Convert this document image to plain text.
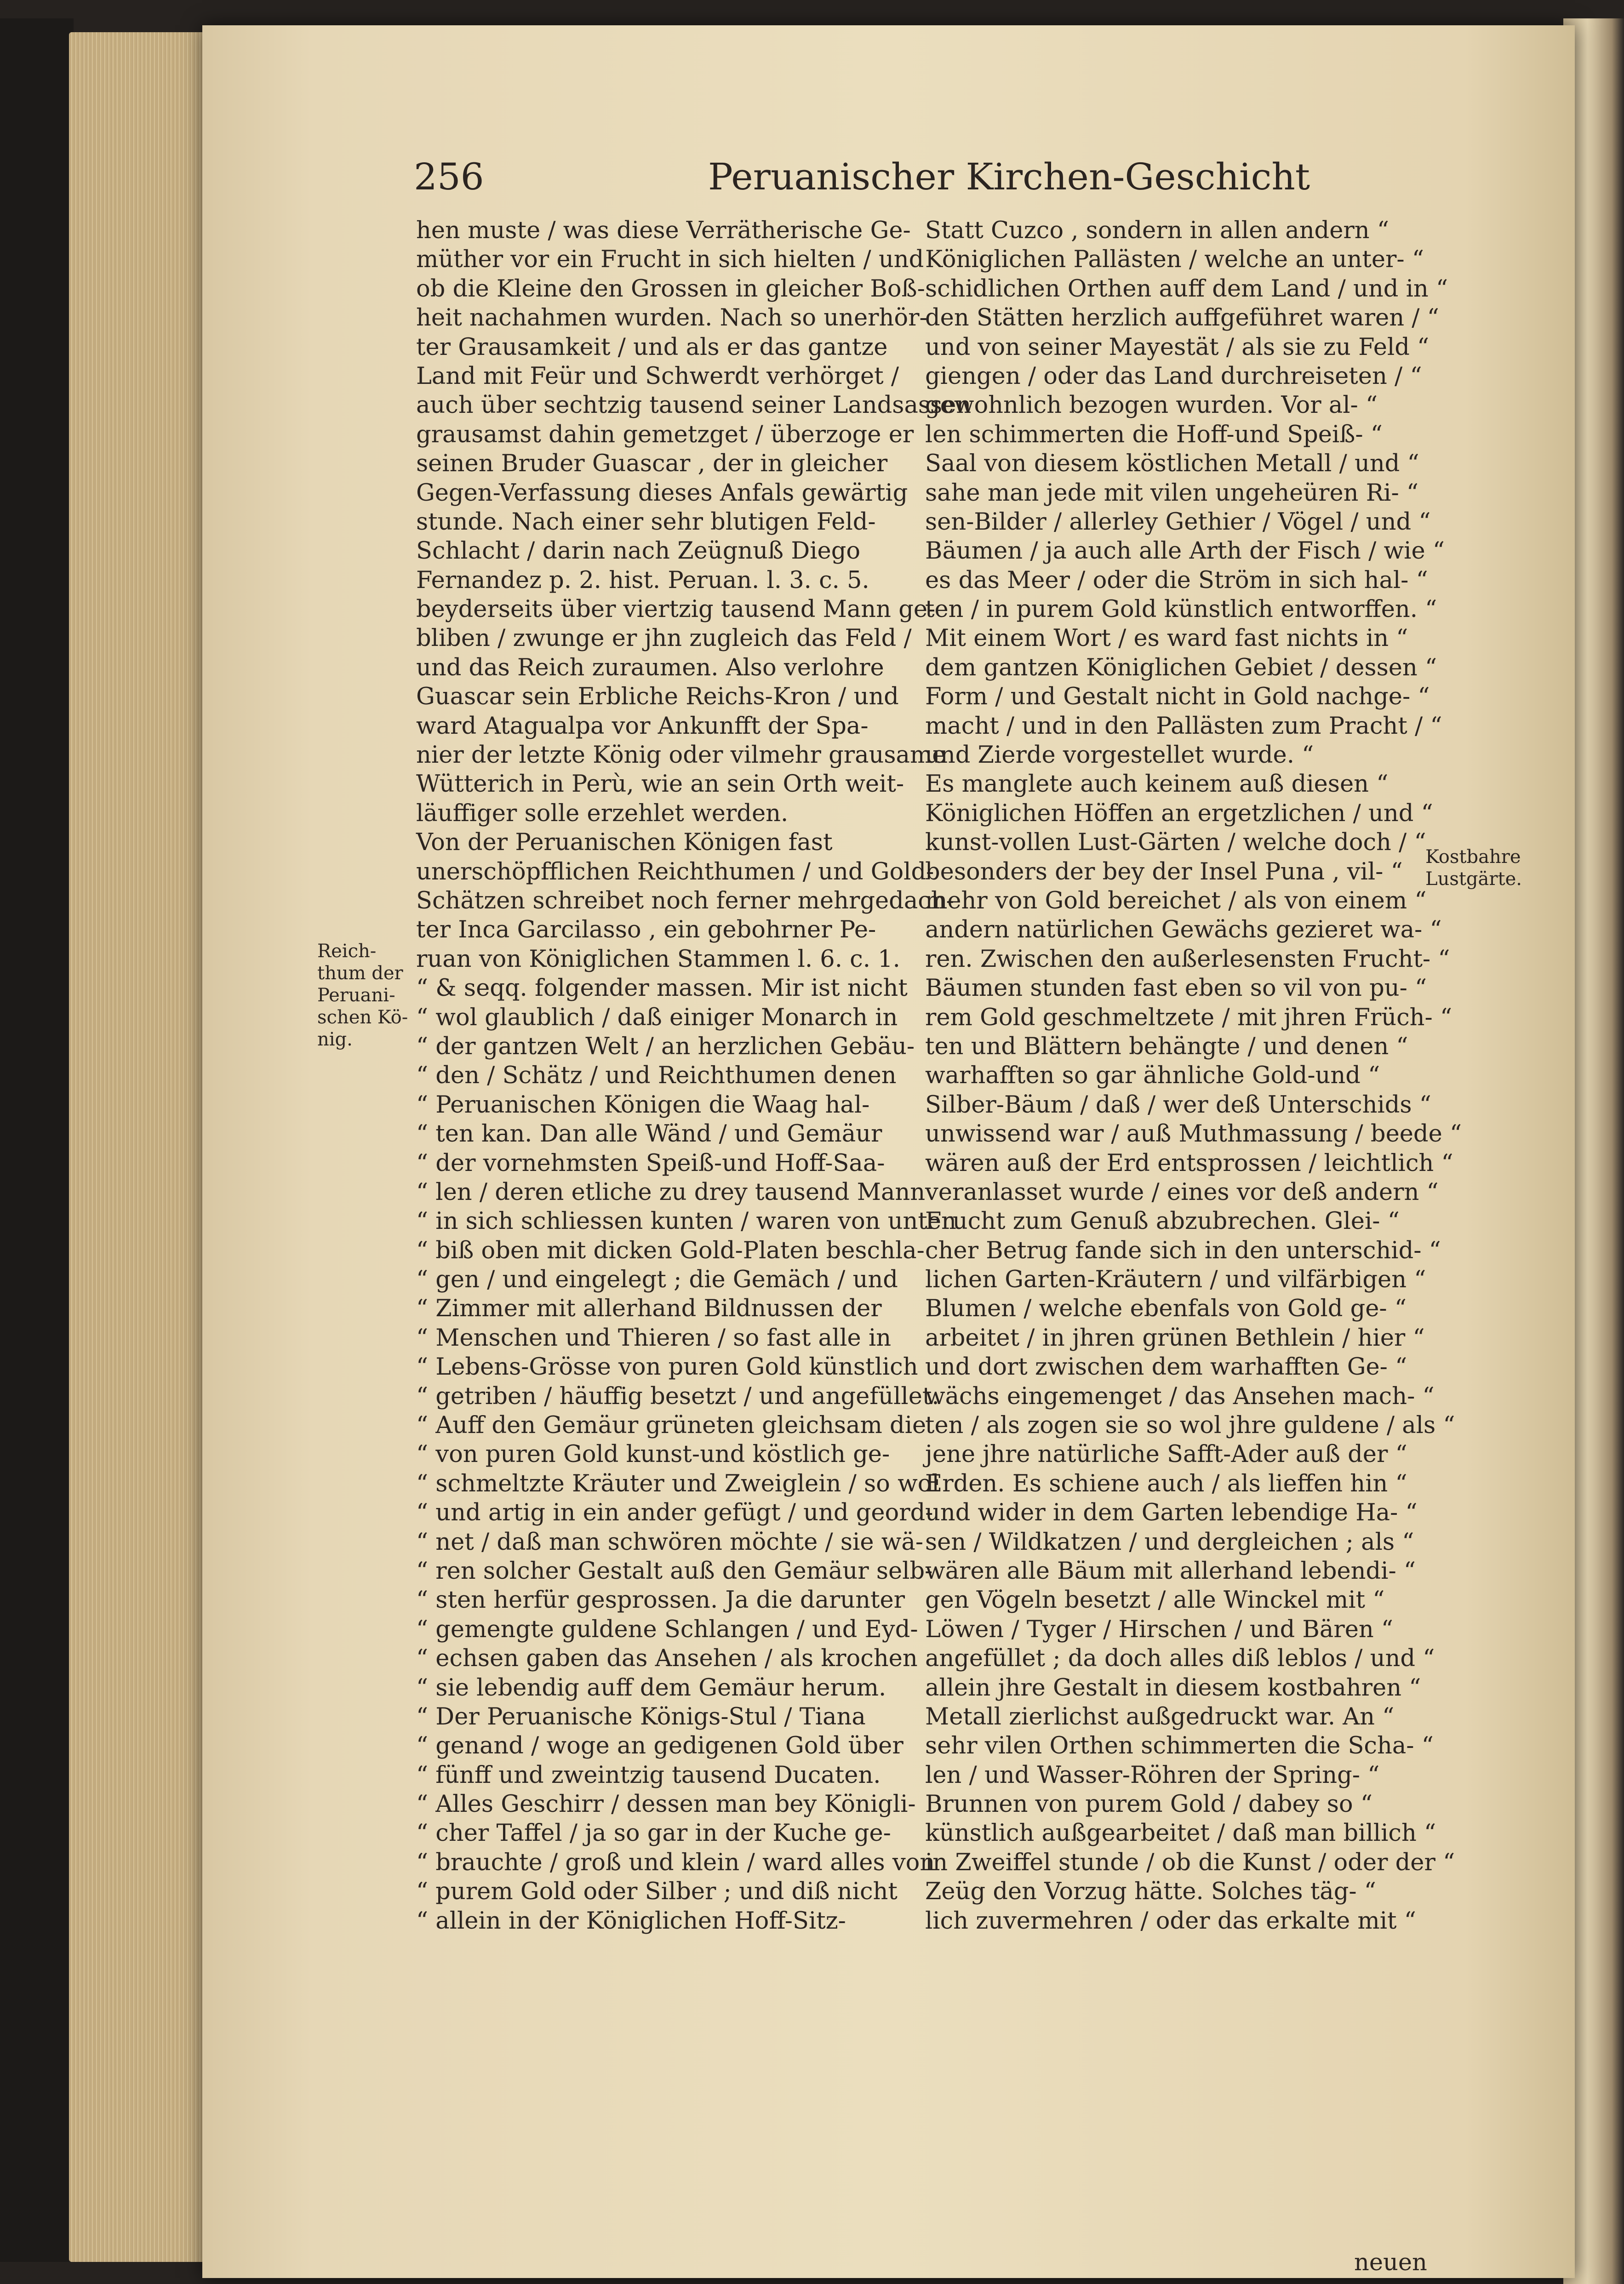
256	Peruanischer Kirchen-Geschicht
hen muste / was diese Verrätherische Ge-
müther vor ein Frucht in sich hielten / und
ob die Kleine den Grossen in gleicher Boß-
heit nachahmen wurden. Nach so unerhör-
ter Grausamkeit / und als er das gantze
Land mit Feür und Schwerdt verhörget /
auch über sechtzig tausend seiner Landsassen
grausamst dahin gemetzget / überzoge er
seinen Bruder Guascar , der in gleicher
Gegen-Verfassung dieses Anfals gewärtig
stunde. Nach einer sehr blutigen Feld-
Schlacht / darin nach Zeügnuß Diego
Fernandez p. 2. hist. Peruan. l. 3. c. 5.
beyderseits über viertzig tausend Mann ge-
bliben / zwunge er jhn zugleich das Feld /
und das Reich zuraumen. Also verlohre
Guascar sein Erbliche Reichs-Kron / und
ward Atagualpa vor Ankunfft der Spa-
nier der letzte König oder vilmehr grausame
Wütterich in Perù, wie an sein Orth weit-
läuffiger solle erzehlet werden.
Von der Peruanischen Königen fast
unerschöpfflichen Reichthumen / und Gold-
Schätzen schreibet noch ferner mehrgedach-
ter Inca Garcilasso , ein gebohrner Pe-
ruan von Königlichen Stammen l. 6. c. 1.
“ & seqq. folgender massen. Mir ist nicht
“ wol glaublich / daß einiger Monarch in
“ der gantzen Welt / an herzlichen Gebäu-
“ den / Schätz / und Reichthumen denen
“ Peruanischen Königen die Waag hal-
“ ten kan. Dan alle Wänd / und Gemäur
“ der vornehmsten Speiß-und Hoff-Saa-
“ len / deren etliche zu drey tausend Mann
“ in sich schliessen kunten / waren von unten
“ biß oben mit dicken Gold-Platen beschla-
“ gen / und eingelegt ; die Gemäch / und
“ Zimmer mit allerhand Bildnussen der
“ Menschen und Thieren / so fast alle in
“ Lebens-Grösse von puren Gold künstlich
“ getriben / häuffig besetzt / und angefüllet.
“ Auff den Gemäur grüneten gleichsam die
“ von puren Gold kunst-und köstlich ge-
“ schmeltzte Kräuter und Zweiglein / so wol
“ und artig in ein ander gefügt / und geord-
“ net / daß man schwören möchte / sie wä-
“ ren solcher Gestalt auß den Gemäur selb-
“ sten herfür gesprossen. Ja die darunter
“ gemengte guldene Schlangen / und Eyd-
“ echsen gaben das Ansehen / als krochen
“ sie lebendig auff dem Gemäur herum.
“ Der Peruanische Königs-Stul / Tiana
“ genand / woge an gedigenen Gold über
“ fünff und zweintzig tausend Ducaten.
“ Alles Geschirr / dessen man bey Königli-
“ cher Taffel / ja so gar in der Kuche ge-
“ brauchte / groß und klein / ward alles von
“ purem Gold oder Silber ; und diß nicht
“ allein in der Königlichen Hoff-Sitz-
Statt Cuzco , sondern in allen andern “
Königlichen Pallästen / welche an unter- “
schidlichen Orthen auff dem Land / und in “
den Stätten herzlich auffgeführet waren / “
und von seiner Mayestät / als sie zu Feld “
giengen / oder das Land durchreiseten / “
gewohnlich bezogen wurden. Vor al- “
len schimmerten die Hoff-und Speiß- “
Saal von diesem köstlichen Metall / und “
sahe man jede mit vilen ungeheüren Ri- “
sen-Bilder / allerley Gethier / Vögel / und “
Bäumen / ja auch alle Arth der Fisch / wie “
es das Meer / oder die Ström in sich hal- “
ten / in purem Gold künstlich entworffen. “
Mit einem Wort / es ward fast nichts in “
dem gantzen Königlichen Gebiet / dessen “
Form / und Gestalt nicht in Gold nachge- “
macht / und in den Pallästen zum Pracht / “
und Zierde vorgestellet wurde. “
Es manglete auch keinem auß diesen “
Königlichen Höffen an ergetzlichen / und “
kunst-vollen Lust-Gärten / welche doch / “
besonders der bey der Insel Puna , vil- “
mehr von Gold bereichet / als von einem “
andern natürlichen Gewächs gezieret wa- “
ren. Zwischen den außerlesensten Frucht- “
Bäumen stunden fast eben so vil von pu- “
rem Gold geschmeltzete / mit jhren Früch- “
ten und Blättern behängte / und denen “
warhafften so gar ähnliche Gold-und “
Silber-Bäum / daß / wer deß Unterschids “
unwissend war / auß Muthmassung / beede “
wären auß der Erd entsprossen / leichtlich “
veranlasset wurde / eines vor deß andern “
Frucht zum Genuß abzubrechen. Glei- “
cher Betrug fande sich in den unterschid- “
lichen Garten-Kräutern / und vilfärbigen “
Blumen / welche ebenfals von Gold ge- “
arbeitet / in jhren grünen Bethlein / hier “
und dort zwischen dem warhafften Ge- “
wächs eingemenget / das Ansehen mach- “
ten / als zogen sie so wol jhre guldene / als “
jene jhre natürliche Safft-Ader auß der “
Erden. Es schiene auch / als lieffen hin “
und wider in dem Garten lebendige Ha- “
sen / Wildkatzen / und dergleichen ; als “
wären alle Bäum mit allerhand lebendi- “
gen Vögeln besetzt / alle Winckel mit “
Löwen / Tyger / Hirschen / und Bären “
angefüllet ; da doch alles diß leblos / und “
allein jhre Gestalt in diesem kostbahren “
Metall zierlichst außgedruckt war. An “
sehr vilen Orthen schimmerten die Scha- “
len / und Wasser-Röhren der Spring- “
Brunnen von purem Gold / dabey so “
künstlich außgearbeitet / daß man billich “
in Zweiffel stunde / ob die Kunst / oder der “
Zeüg den Vorzug hätte. Solches täg- “
lich zuvermehren / oder das erkalte mit “
Reich-
thum der
Peruani-
schen Kö-
nig.
Kostbahre
Lustgärte.
neuen
